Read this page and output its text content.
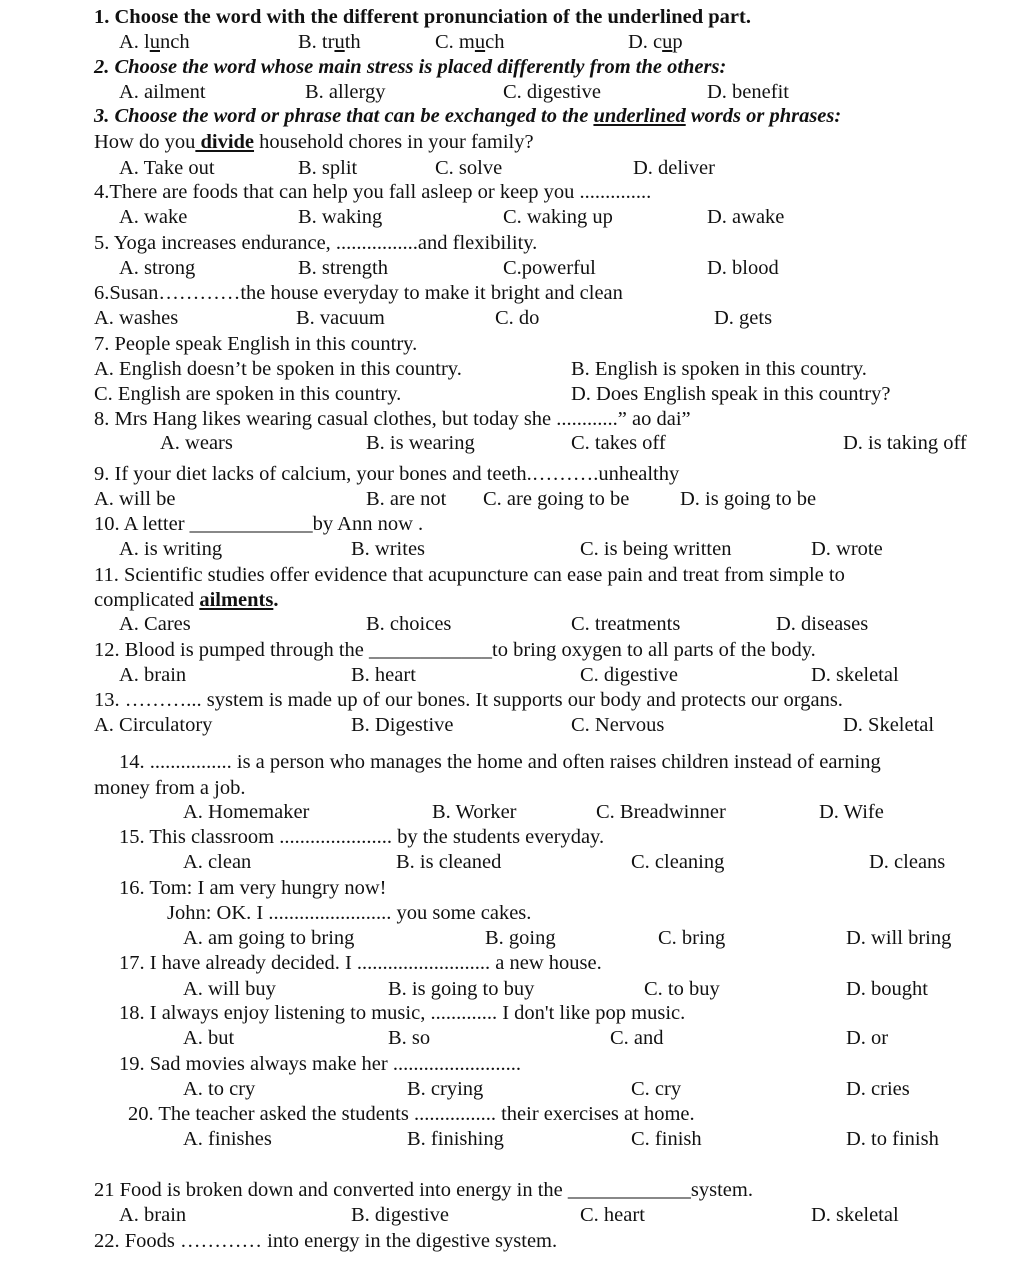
1. Choose the word with the different pronunciation of the underlined part.
A. lunch	B. truth	C. much	D. cup
2. Choose the word whose main stress is placed differently from the others:
A. ailment	B. allergy	C. digestive	D. benefit
3. Choose the word or phrase that can be exchanged to the underlined words or phrases:
How do you divide household chores in your family?
A. Take out	B. split	C. solve	D. deliver
4.There are foods that can help you fall asleep or keep you ..............
A. wake	B. waking	C. waking up	D. awake
5. Yoga increases endurance, ................and flexibility.
A. strong	B. strength	C.powerful	D. blood
6.Susan…………the house everyday to make it bright and clean
A. washes	B. vacuum	C. do	D. gets
7. People speak English in this country.
A. English doesn’t be spoken in this country.	B. English is spoken in this country.
C. English are spoken in this country.	D. Does English speak in this country?
8. Mrs Hang likes wearing casual clothes, but today she ............” ao dai”
A. wears	B. is wearing	C. takes off	D. is taking off
9. If your diet lacks of calcium, your bones and teeth.……….unhealthy
A. will be	B. are not C. are going to be D. is going to be
10. A letter ____________by Ann now .
A. is writing	B. writes	C. is being written	D. wrote
11. Scientific studies offer evidence that acupuncture can ease pain and treat from simple to
complicated ailments.
A. Cares	B. choices	C. treatments	D. diseases
12. Blood is pumped through the ____________to bring oxygen to all parts of the body.
A. brain	B. heart	C. digestive	D. skeletal
13. ………... system is made up of our bones. It supports our body and protects our organs.
A. Circulatory	B. Digestive	C. Nervous	D. Skeletal
14. ................ is a person who manages the home and often raises children instead of earning
money from a job.
A. Homemaker	B. Worker	C. Breadwinner	D. Wife
15. This classroom ...................... by the students everyday.
A. clean	B. is cleaned	C. cleaning	D. cleans
16. Tom: I am very hungry now!
John: OK. I ........................ you some cakes.
A. am going to bring	B. going	C. bring	D. will bring
17. I have already decided. I .......................... a new house.
A. will buy	B. is going to buy	C. to buy	D. bought
18. I always enjoy listening to music, ............. I don't like pop music.
A. but	B. so	C. and	D. or
19. Sad movies always make her .........................
A. to cry	B. crying	C. cry	D. cries
20. The teacher asked the students ................ their exercises at home.
A. finishes	B. finishing	C. finish	D. to finish
21 Food is broken down and converted into energy in the ____________system.
A. brain	B. digestive	C. heart	D. skeletal
22. Foods ………… into energy in the digestive system.
